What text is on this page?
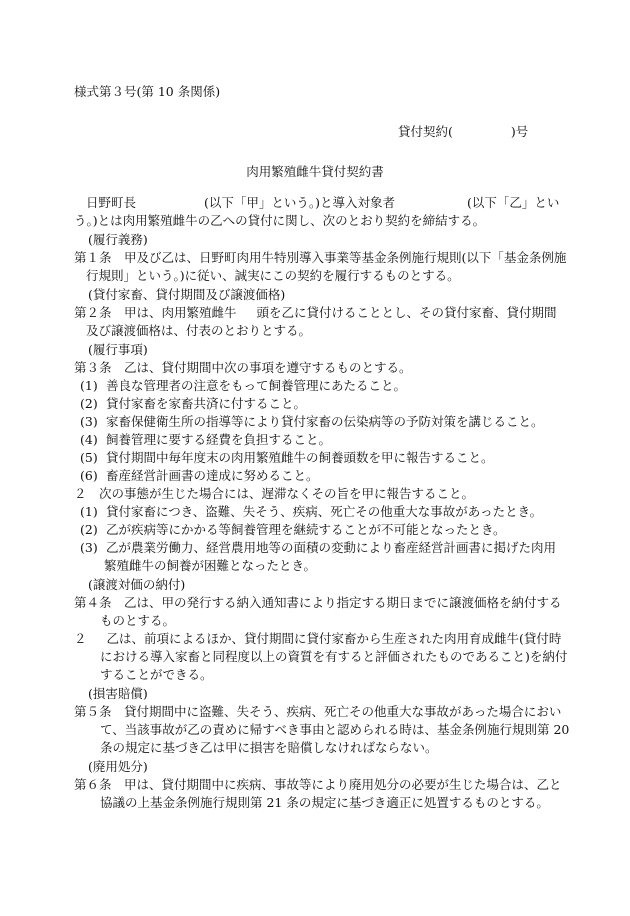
様式第３号(第 10 条関係)
貸付契約(	)号
肉用繁殖雌牛貸付契約書

日野町長	(以下「甲」という。)と導入対象者	(以下「乙」とい
う。)とは肉用繁殖雌牛の乙への貸付に関し、次のとおり契約を締結する。

(履行義務)

第１条　甲及び乙は、日野町肉用牛特別導入事業等基金条例施行規則(以下「基金条例施
行規則」という。)に従い、誠実にこの契約を履行するものとする。

(貸付家畜、貸付期間及び譲渡価格)

第２条　甲は、肉用繁殖雌牛 頭を乙に貸付けることとし、その貸付家畜、貸付期間
及び譲渡価格は、付表のとおりとする。

(履行事項)

第３条　乙は、貸付期間中次の事項を遵守するものとする。
(1) 善良な管理者の注意をもって飼養管理にあたること。
(2) 貸付家畜を家畜共済に付すること。
(3) 家畜保健衛生所の指導等により貸付家畜の伝染病等の予防対策を講じること。
(4) 飼養管理に要する経費を負担すること。
(5) 貸付期間中毎年度末の肉用繁殖雌牛の飼養頭数を甲に報告すること。
(6) 畜産経営計画書の達成に努めること。
２　次の事態が生じた場合には、遅滞なくその旨を甲に報告すること。
(1) 貸付家畜につき、盗難、失そう、疾病、死亡その他重大な事故があったとき。
(2) 乙が疾病等にかかる等飼養管理を継続することが不可能となったとき。
(3) 乙が農業労働力、経営農用地等の面積の変動により畜産経営計画書に掲げた肉用
繁殖雌牛の飼養が困難となったとき。

(譲渡対価の納付)

第４条　乙は、甲の発行する納入通知書により指定する期日までに譲渡価格を納付する
ものとする。
２ 乙は、前項によるほか、貸付期間に貸付家畜から生産された肉用育成雌牛(貸付時
における導入家畜と同程度以上の資質を有すると評価されたものであること)を納付
することができる。

(損害賠償)

第５条　貸付期間中に盗難、失そう、疾病、死亡その他重大な事故があった場合におい
て、当該事故が乙の責めに帰すべき事由と認められる時は、基金条例施行規則第 20
条の規定に基づき乙は甲に損害を賠償しなければならない。

(廃用処分)

第６条　甲は、貸付期間中に疾病、事故等により廃用処分の必要が生じた場合は、乙と
協議の上基金条例施行規則第 21 条の規定に基づき適正に処置するものとする。
